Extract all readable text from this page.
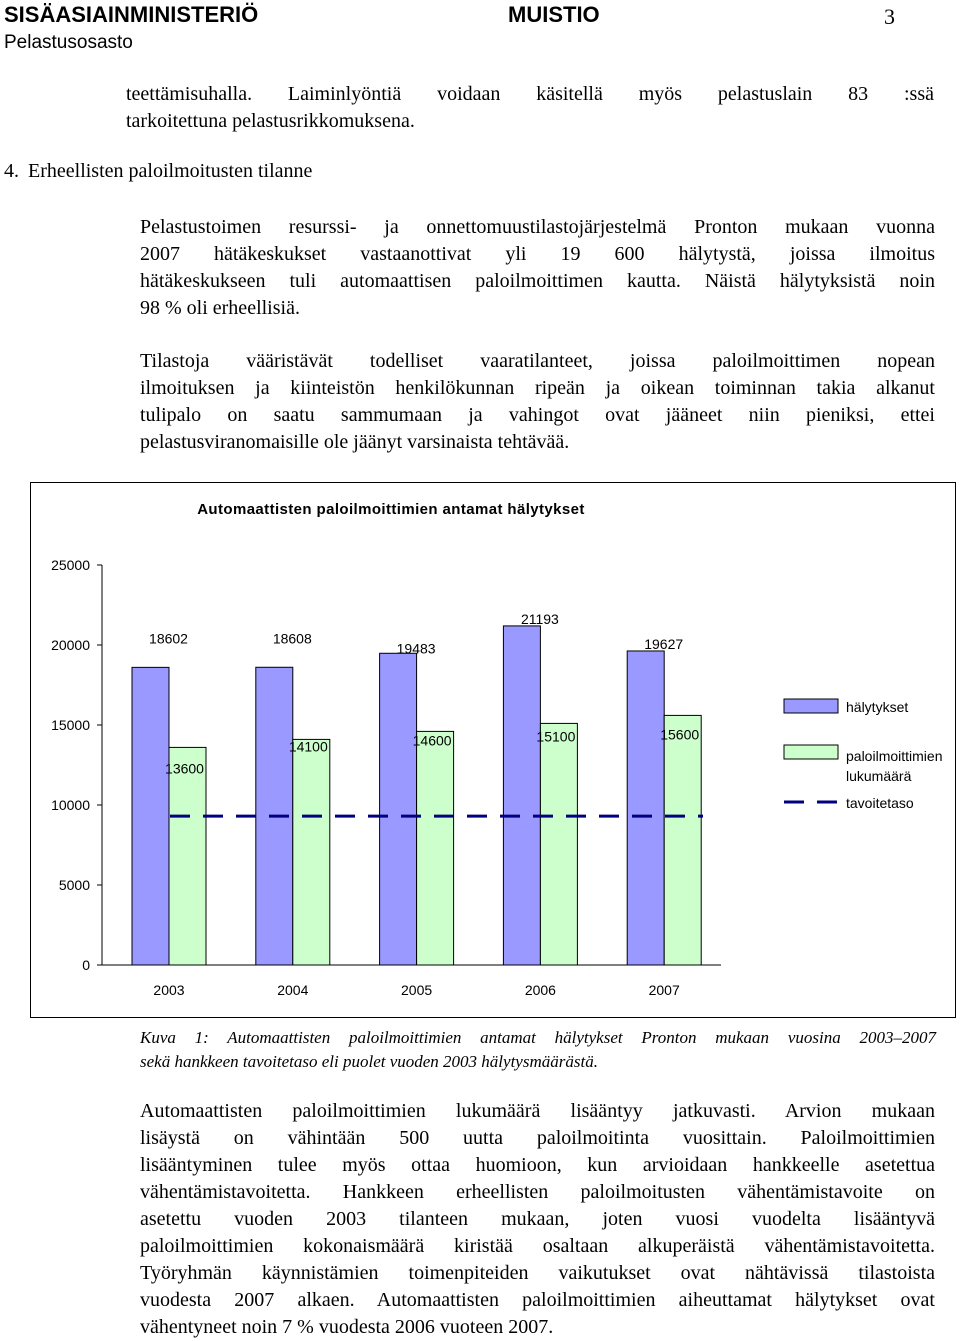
SISÄASIAINMINISTERIÖ	MUISTIO	3
Pelastusosasto
teettämisuhalla. Laiminlyöntiä voidaan käsitellä myös pelastuslain 83 :ssä
tarkoitettuna pelastusrikkomuksena.
4. Erheellisten paloilmoitusten tilanne
Pelastustoimen resurssi- ja onnettomuustilastojärjestelmä Pronton mukaan vuonna
2007 hätäkeskukset vastaanottivat yli 19 600 hälytystä, joissa ilmoitus
hätäkeskukseen tuli automaattisen paloilmoittimen kautta. Näistä hälytyksistä noin
98 % oli erheellisiä.
Tilastoja vääristävät todelliset vaaratilanteet, joissa paloilmoittimen nopean
ilmoituksen ja kiinteistön henkilökunnan ripeän ja oikean toiminnan takia alkanut
tulipalo on saatu sammumaan ja vahingot ovat jääneet niin pieniksi, ettei
pelastusviranomaisille ole jäänyt varsinaista tehtävää.
Automaattisten paloilmoittimien antamat hälytykset
0
5000
10000
15000
20000
25000
18602
13600
2003
18608
14100
2004
19483
14600
2005
21193
15100
2006
19627
15600
2007
hälytykset
paloilmoittimien
lukumäärä
tavoitetaso
Kuva 1: Automaattisten paloilmoittimien antamat hälytykset Pronton mukaan vuosina 2003–2007
sekä hankkeen tavoitetaso eli puolet vuoden 2003 hälytysmäärästä.
Automaattisten paloilmoittimien lukumäärä lisääntyy jatkuvasti. Arvion mukaan
lisäystä on vähintään 500 uutta paloilmoitinta vuosittain. Paloilmoittimien
lisääntyminen tulee myös ottaa huomioon, kun arvioidaan hankkeelle asetettua
vähentämistavoitetta. Hankkeen erheellisten paloilmoitusten vähentämistavoite on
asetettu vuoden 2003 tilanteen mukaan, joten vuosi vuodelta lisääntyvä
paloilmoittimien kokonaismäärä kiristää osaltaan alkuperäistä vähentämistavoitetta.
Työryhmän käynnistämien toimenpiteiden vaikutukset ovat nähtävissä tilastoista
vuodesta 2007 alkaen. Automaattisten paloilmoittimien aiheuttamat hälytykset ovat
vähentyneet noin 7 % vuodesta 2006 vuoteen 2007.
